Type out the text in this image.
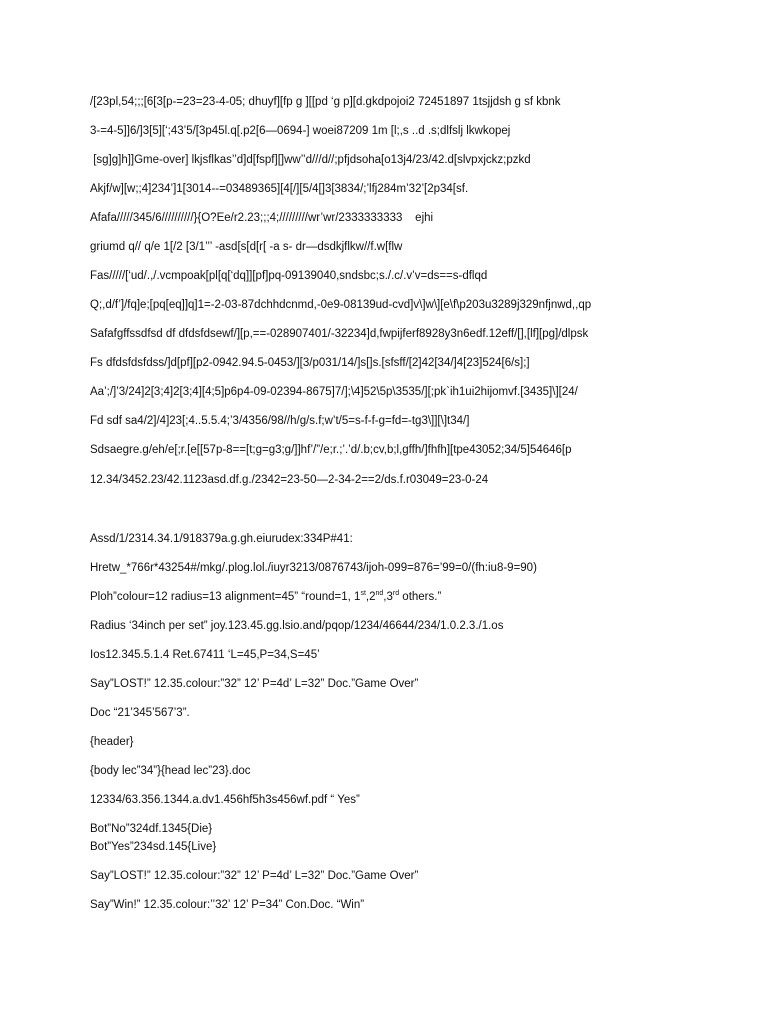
/[23pl,54;;;[6[3[p-=23=23-4-05; dhuyf][fp g ][[pd ‘g p][d.gkdpojoi2 72451897 1tsjjdsh g sf kbnk
3-=4-5]]6/]3[5][‘;43’5/[3p45l.q[.p2[6—0694-] woei87209 1m [l;,s ..d .s;dlfslj lkwkopej
[sg]g]h]]Gme-over] lkjsflkas’’d]d[fspf][]ww’’d///d//;pfjdsoha[o13j4/23/42.d[slvpxjckz;pzkd
Akjf/w][w;;4]234’]1[3014--=03489365][4[/][5/4[]3[3834/;’lfj284m’32’[2p34[sf.
Afafa/////345/6//////////}{O?Ee/r2.23;;;4;/////////wr’wr/2333333333    ejhi
griumd q// q/e 1[/2 [3/1’’’ -asd[s[d[r[ -a s- dr—dsdkjflkw//f.w[flw
Fas/////[‘ud/.,/.vcmpoak[pl[q[‘dq]][pf]pq-09139040,sndsbc;s./.c/.v’v=ds==s-dflqd
Q;,d/f’]/fq]e;[pq[eq]]q]1=-2-03-87dchhdcnmd,-0e9-08139ud-cvd]v\]w\][e\f\p203u3289j329nfjnwd,,qp
Safafgffssdfsd df dfdsfdsewf/][p,==-028907401/-32234]d,fwpijferf8928y3n6edf.12eff/[],[lf][pg]/dlpsk
Fs dfdsfdsfdss/]d[pf][p2-0942.94.5-0453/][3/p031/14/]s[]s.[sfsff/[2]42[34/]4[23]524[6/s];]
Aa’;/]’3/24]2[3;4]2[3;4][4;5]p6p4-09-02394-8675]7/];\4]52\5p\3535/][;pk`ih1ui2hijomvf.[3435]\][24/
Fd sdf sa4/2]/4]23[;4..5.5.4;’3/4356/98//h/g/s.f;w’t/5=s-f-f-g=fd=-tg3\]][\]t34/]
Sdsaegre.g/eh/e[;r.[e[[57p-8==[t;g=g3;g/]]hf’/”/e;r.;’.’d/.b;cv,b;l,gffh/]fhfh][tpe43052;34/5]54646[p
12.34/3452.23/42.1123asd.df.g./2342=23-50—2-34-2==2/ds.f.r03049=23-0-24
Assd/1/2314.34.1/918379a.g.gh.eiurudex:334P#41:
Hretw_*766r*43254#/mkg/.plog.lol./iuyr3213/0876743/ijoh-099=876=’99=0/(fh:iu8-9=90)
Ploh”colour=12 radius=13 alignment=45” “round=1, 1st,2nd,3rd others.”
Radius ‘34inch per set” joy.123.45.gg.lsio.and/pqop/1234/46644/234/1.0.2.3./1.os
Ios12.345.5.1.4 Ret.67411 ‘L=45,P=34,S=45’
Say”LOST!” 12.35.colour:”32” 12’ P=4d’ L=32” Doc.”Game Over”
Doc “21’345’567’3”.
{header}
{body lec”34”}{head lec”23}.doc
12334/63.356.1344.a.dv1.456hf5h3s456wf.pdf “ Yes”
Bot”No”324df.1345{Die}
Bot”Yes”234sd.145{Live}
Say”LOST!” 12.35.colour:”32” 12’ P=4d’ L=32” Doc.”Game Over”
Say”Win!” 12.35.colour:’’32’ 12’ P=34” Con.Doc. “Win”
